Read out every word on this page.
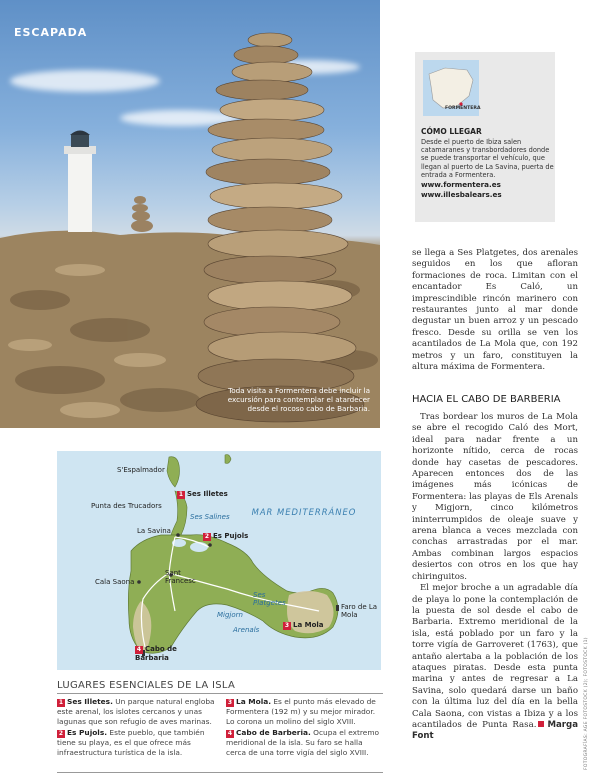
ESCAPADA
Toda visita a Formentera debe incluir la excursión para contemplar el atardecer desde el rocoso cabo de Barbaria.
FORMENTERA
CÓMO LLEGAR
Desde el puerto de Ibiza salen catamaranes y transbordadores donde se puede transportar el vehículo, que llegan al puerto de La Savina, puerta de entrada a Formentera.
www.formentera.es
www.illesbalears.es
se llega a Ses Platgetes, dos arenales seguidos en los que afloran formaciones de roca. Limitan con el encantador Es Caló, un imprescindible rincón marinero con restaurantes junto al mar donde degustar un buen arroz y un pescado fresco. Desde su orilla se ven los acantilados de La Mola que, con 192 metros y un faro, constituyen la altura máxima de Formentera.
HACIA EL CABO DE BARBERIA

Tras bordear los muros de La Mola se abre el recogido Caló des Mort, ideal para nadar frente a un horizonte nítido, cerca de rocas donde hay casetas de pescadores. Aparecen entonces dos de las imágenes más icónicas de Formentera: las playas de Els Arenals y Migjorn, cinco kilómetros ininterrumpidos de oleaje suave y arena blanca a veces mezclada con conchas arrastradas por el mar. Ambas combinan largos espacios desiertos con otros en los que hay chiringuitos.

El mejor broche a un agradable día de playa lo pone la contemplación de la puesta de sol desde el cabo de Barbaria. Extremo meridional de la isla, está poblado por un faro y la torre vigía de Garroveret (1763), que antaño alertaba a la población de los ataques piratas. Desde esta punta marina y antes de regresar a La Savina, solo quedará darse un baño con la última luz del día en la bella Cala Saona, con vistas a Ibiza y a los acantilados de Punta Rasa. Marga Font	FOTOGRAFÍAS: AGE FOTOSTOCK (2); FOTOSTOCK (1)
S'Espalmador
1 Ses Illetes
Punta des Trucadors
Ses Salines
La Savina
2 Es Pujols
MAR MEDITERRÁNEO
Sant Francesc
Cala Saona
Ses Platgetes
Migjorn
Arenals
3 La Mola
Faro de La Mola
4 Cabo de Barbaria
LUGARES ESENCIALES DE LA ISLA

1 Ses Illetes. Un parque natural engloba este arenal, los islotes cercanos y unas lagunas que son refugio de aves marinas.

2 Es Pujols. Este pueblo, que también tiene su playa, es el que ofrece más infraestructura turística de la isla.

3 La Mola. Es el punto más elevado de Formentera (192 m) y su mejor mirador. Lo corona un molino del siglo XVIII.

4 Cabo de Barberia. Ocupa el extremo meridional de la isla. Su faro se halla cerca de una torre vigía del siglo XVIII.
